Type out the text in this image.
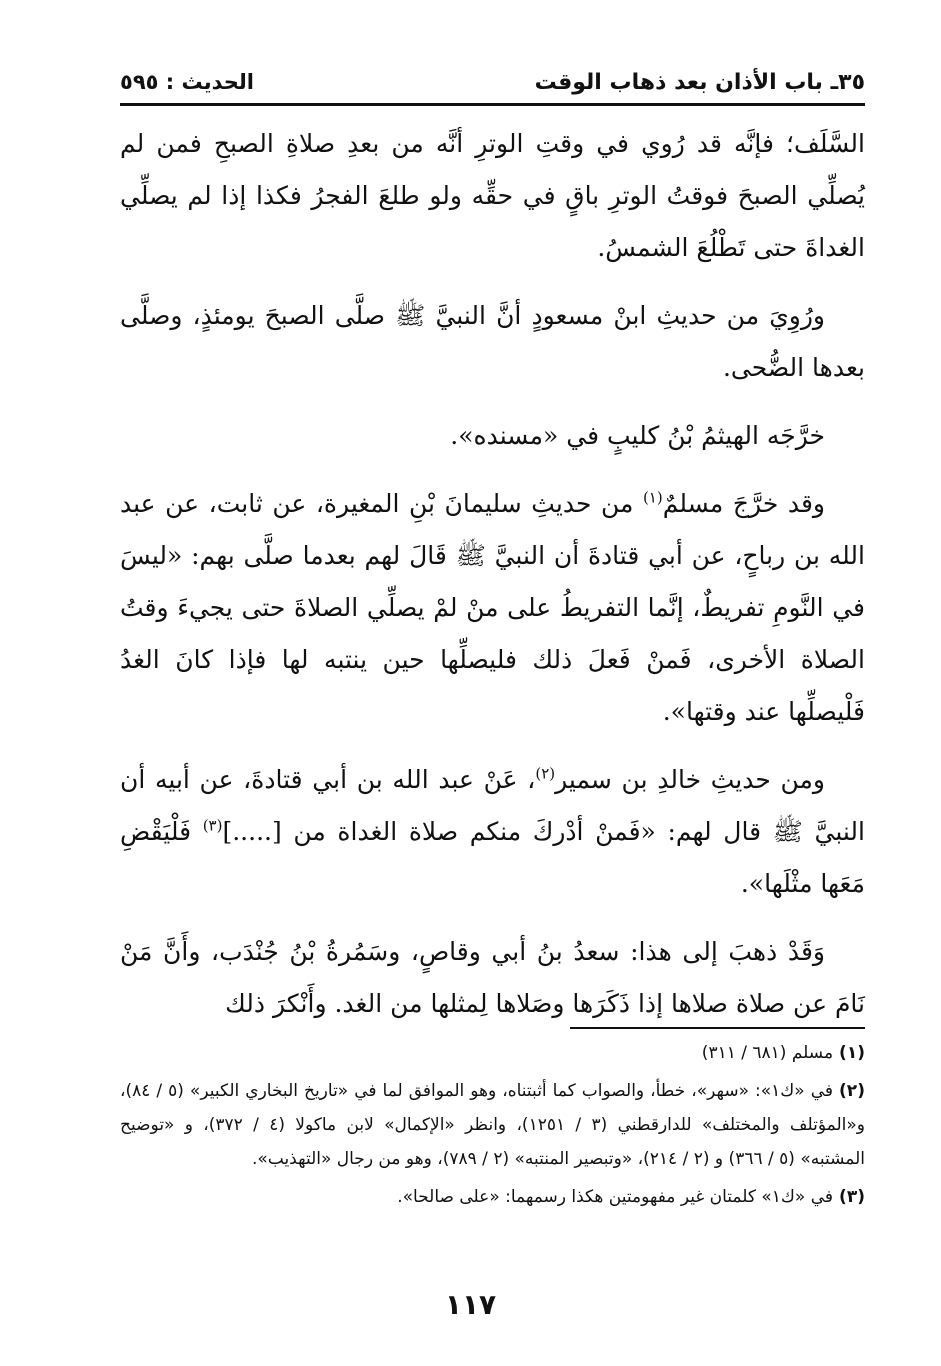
٣٥ـ باب الأذان بعد ذهاب الوقت
الحديث : ٥٩٥

السَّلَف؛ فإنَّه قد رُوي في وقتِ الوترِ أنَّه من بعدِ صلاةِ الصبحِ فمن لم يُصلِّي الصبحَ فوقتُ الوترِ باقٍ في حقِّه ولو طلعَ الفجرُ فكذا إذا لم يصلِّي الغداةَ حتى تَطْلُعَ الشمسُ.

ورُوِيَ من حديثِ ابنْ مسعودٍ أنَّ النبيَّ ﷺ صلَّى الصبحَ يومئذٍ، وصلَّى بعدها الضُّحى.

خرَّجَه الهيثمُ بْنُ كليبٍ في «مسنده».

وقد خرَّجَ مسلمٌ$^{(١)}$ من حديثِ سليمانَ بْنِ المغيرة، عن ثابت، عن عبد الله بن رباحٍ، عن أبي قتادةَ أن النبيَّ ﷺ قَالَ لهم بعدما صلَّى بهم: «ليسَ في النَّومِ تفريطٌ، إنَّما التفريطُ على منْ لمْ يصلِّي الصلاةَ حتى يجيءَ وقتُ الصلاة الأخرى، فَمنْ فَعلَ ذلك فليصلِّها حين ينتبه لها فإذا كانَ الغدُ فَلْيصلِّها عند وقتها».

ومن حديثِ خالدِ بن سمير$^{(٢)}$، عَنْ عبد الله بن أبي قتادةَ، عن أبيه أن النبيَّ ﷺ قال لهم: «فَمنْ أدْركَ منكم صلاة الغداة من [.....]$^{(٣)}$ فَلْيَقْضِ مَعَها مثْلَها».

وَقَدْ ذهبَ إلى هذا: سعدُ بنُ أبي وقاصٍ، وسَمُرةُ بْنُ جُنْدَب، وأَنَّ مَنْ نَامَ عن صلاة صلاها إذا ذَكَرَها وصَلاها لِمثلها من الغد. وأَنْكرَ ذلك

(١)مسلم (٦٨١ / ٣١١)
(٢)في «ك١»: «سهر»، خطأ، والصواب كما أثبتناه، وهو الموافق لما في «تاريخ البخاري الكبير» (٥ / ٨٤)، و«المؤتلف والمختلف» للدارقطني (٣ / ١٢٥١)، وانظر «الإكمال» لابن ماكولا (٤ / ٣٧٢)، و «توضيح المشتبه» (٥ / ٣٦٦) و (٢ / ٢١٤)، «وتبصير المنتبه» (٢ / ٧٨٩)، وهو من رجال «التهذيب».
(٣)في «ك١» كلمتان غير مفهومتين هكذا رسمهما: «على صالحا».
١١٧
